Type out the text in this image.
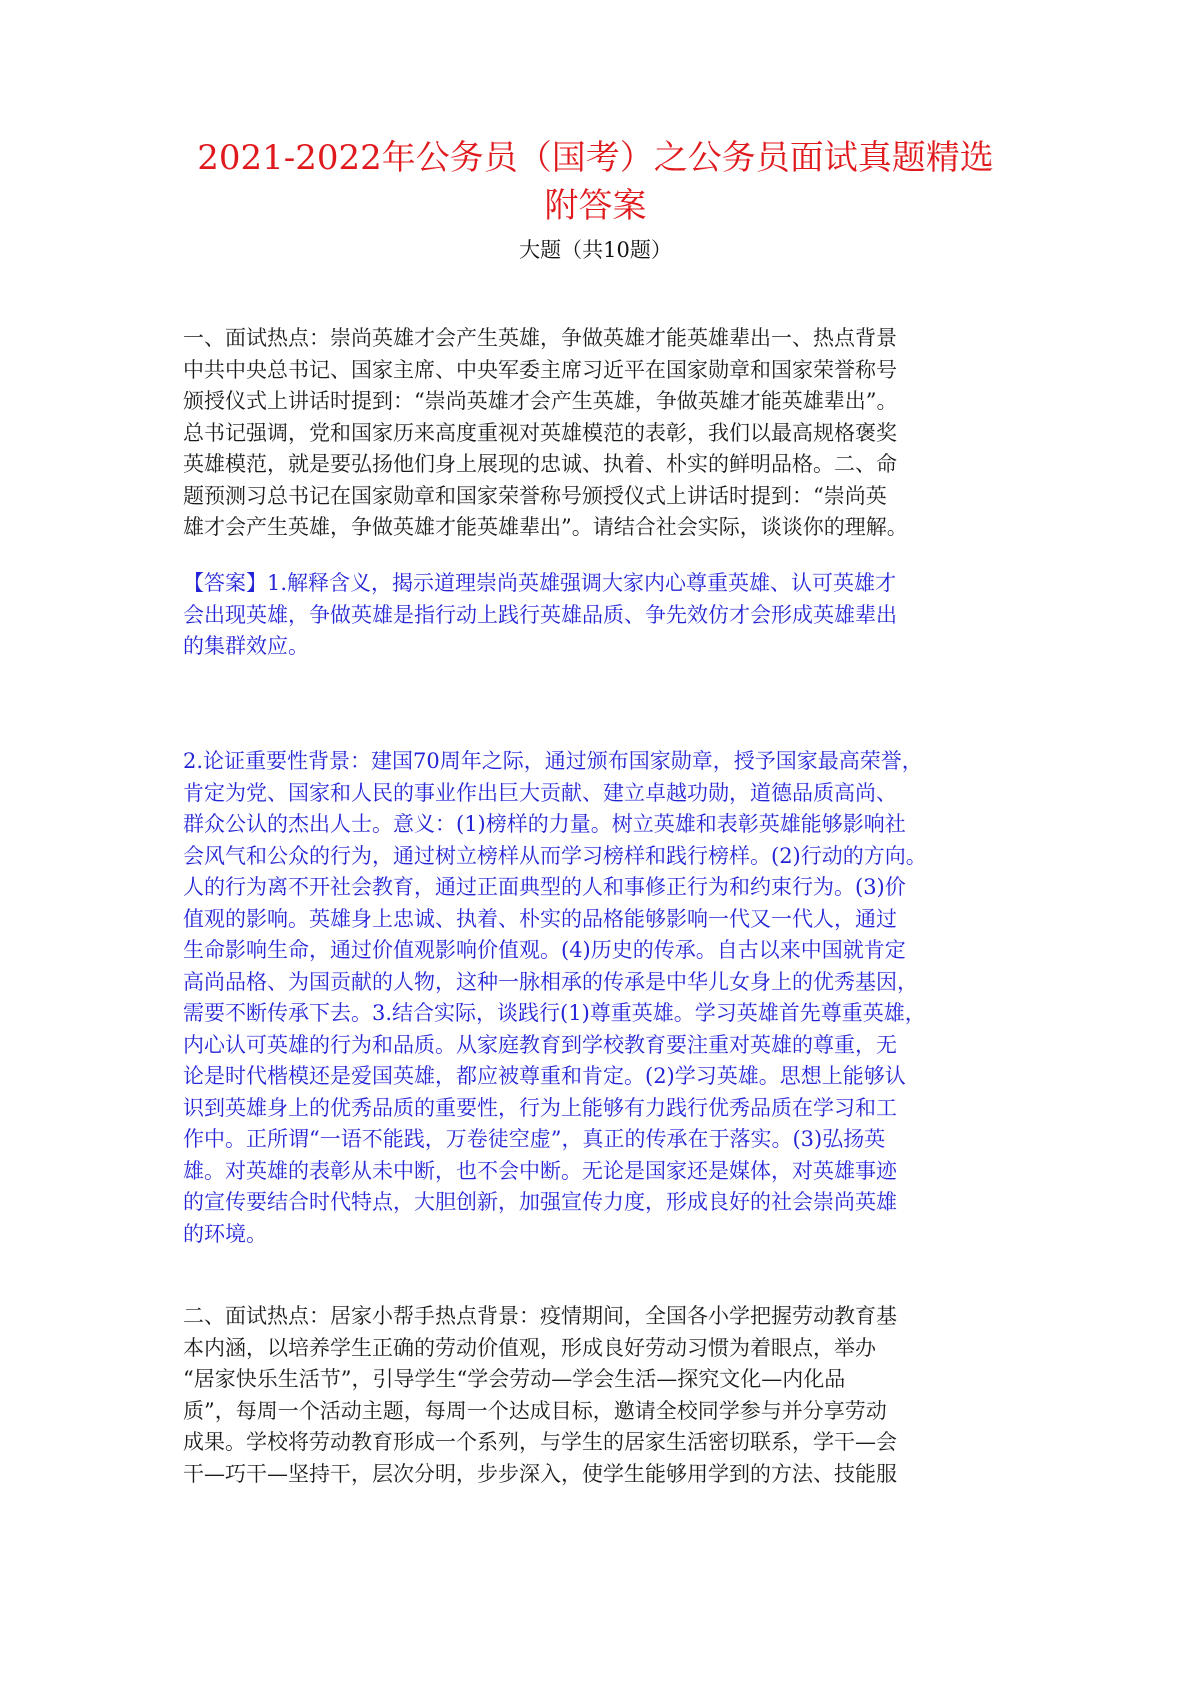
2021-2022年公务员（国考）之公务员面试真题精选
附答案
大题（共10题）

一、面试热点：崇尚英雄才会产生英雄，争做英雄才能英雄辈出一、热点背景
中共中央总书记、国家主席、中央军委主席习近平在国家勋章和国家荣誉称号
颁授仪式上讲话时提到：“崇尚英雄才会产生英雄，争做英雄才能英雄辈出”。
总书记强调，党和国家历来高度重视对英雄模范的表彰，我们以最高规格褒奖
英雄模范，就是要弘扬他们身上展现的忠诚、执着、朴实的鲜明品格。二、命
题预测习总书记在国家勋章和国家荣誉称号颁授仪式上讲话时提到：“崇尚英
雄才会产生英雄，争做英雄才能英雄辈出”。请结合社会实际，谈谈你的理解。

【答案】1.解释含义，揭示道理崇尚英雄强调大家内心尊重英雄、认可英雄才
会出现英雄，争做英雄是指行动上践行英雄品质、争先效仿才会形成英雄辈出
的集群效应。

2.论证重要性背景：建国70周年之际，通过颁布国家勋章，授予国家最高荣誉，
肯定为党、国家和人民的事业作出巨大贡献、建立卓越功勋，道德品质高尚、
群众公认的杰出人士。意义：(1)榜样的力量。树立英雄和表彰英雄能够影响社
会风气和公众的行为，通过树立榜样从而学习榜样和践行榜样。(2)行动的方向。
人的行为离不开社会教育，通过正面典型的人和事修正行为和约束行为。(3)价
值观的影响。英雄身上忠诚、执着、朴实的品格能够影响一代又一代人，通过
生命影响生命，通过价值观影响价值观。(4)历史的传承。自古以来中国就肯定
高尚品格、为国贡献的人物，这种一脉相承的传承是中华儿女身上的优秀基因，
需要不断传承下去。3.结合实际，谈践行(1)尊重英雄。学习英雄首先尊重英雄，
内心认可英雄的行为和品质。从家庭教育到学校教育要注重对英雄的尊重，无
论是时代楷模还是爱国英雄，都应被尊重和肯定。(2)学习英雄。思想上能够认
识到英雄身上的优秀品质的重要性，行为上能够有力践行优秀品质在学习和工
作中。正所谓“一语不能践，万卷徒空虚”，真正的传承在于落实。(3)弘扬英
雄。对英雄的表彰从未中断，也不会中断。无论是国家还是媒体，对英雄事迹
的宣传要结合时代特点，大胆创新，加强宣传力度，形成良好的社会崇尚英雄
的环境。

二、面试热点：居家小帮手热点背景：疫情期间，全国各小学把握劳动教育基
本内涵，以培养学生正确的劳动价值观，形成良好劳动习惯为着眼点，举办
“居家快乐生活节”，引导学生“学会劳动—学会生活—探究文化—内化品
质”，每周一个活动主题，每周一个达成目标，邀请全校同学参与并分享劳动
成果。学校将劳动教育形成一个系列，与学生的居家生活密切联系，学干—会
干—巧干—坚持干，层次分明，步步深入，使学生能够用学到的方法、技能服
